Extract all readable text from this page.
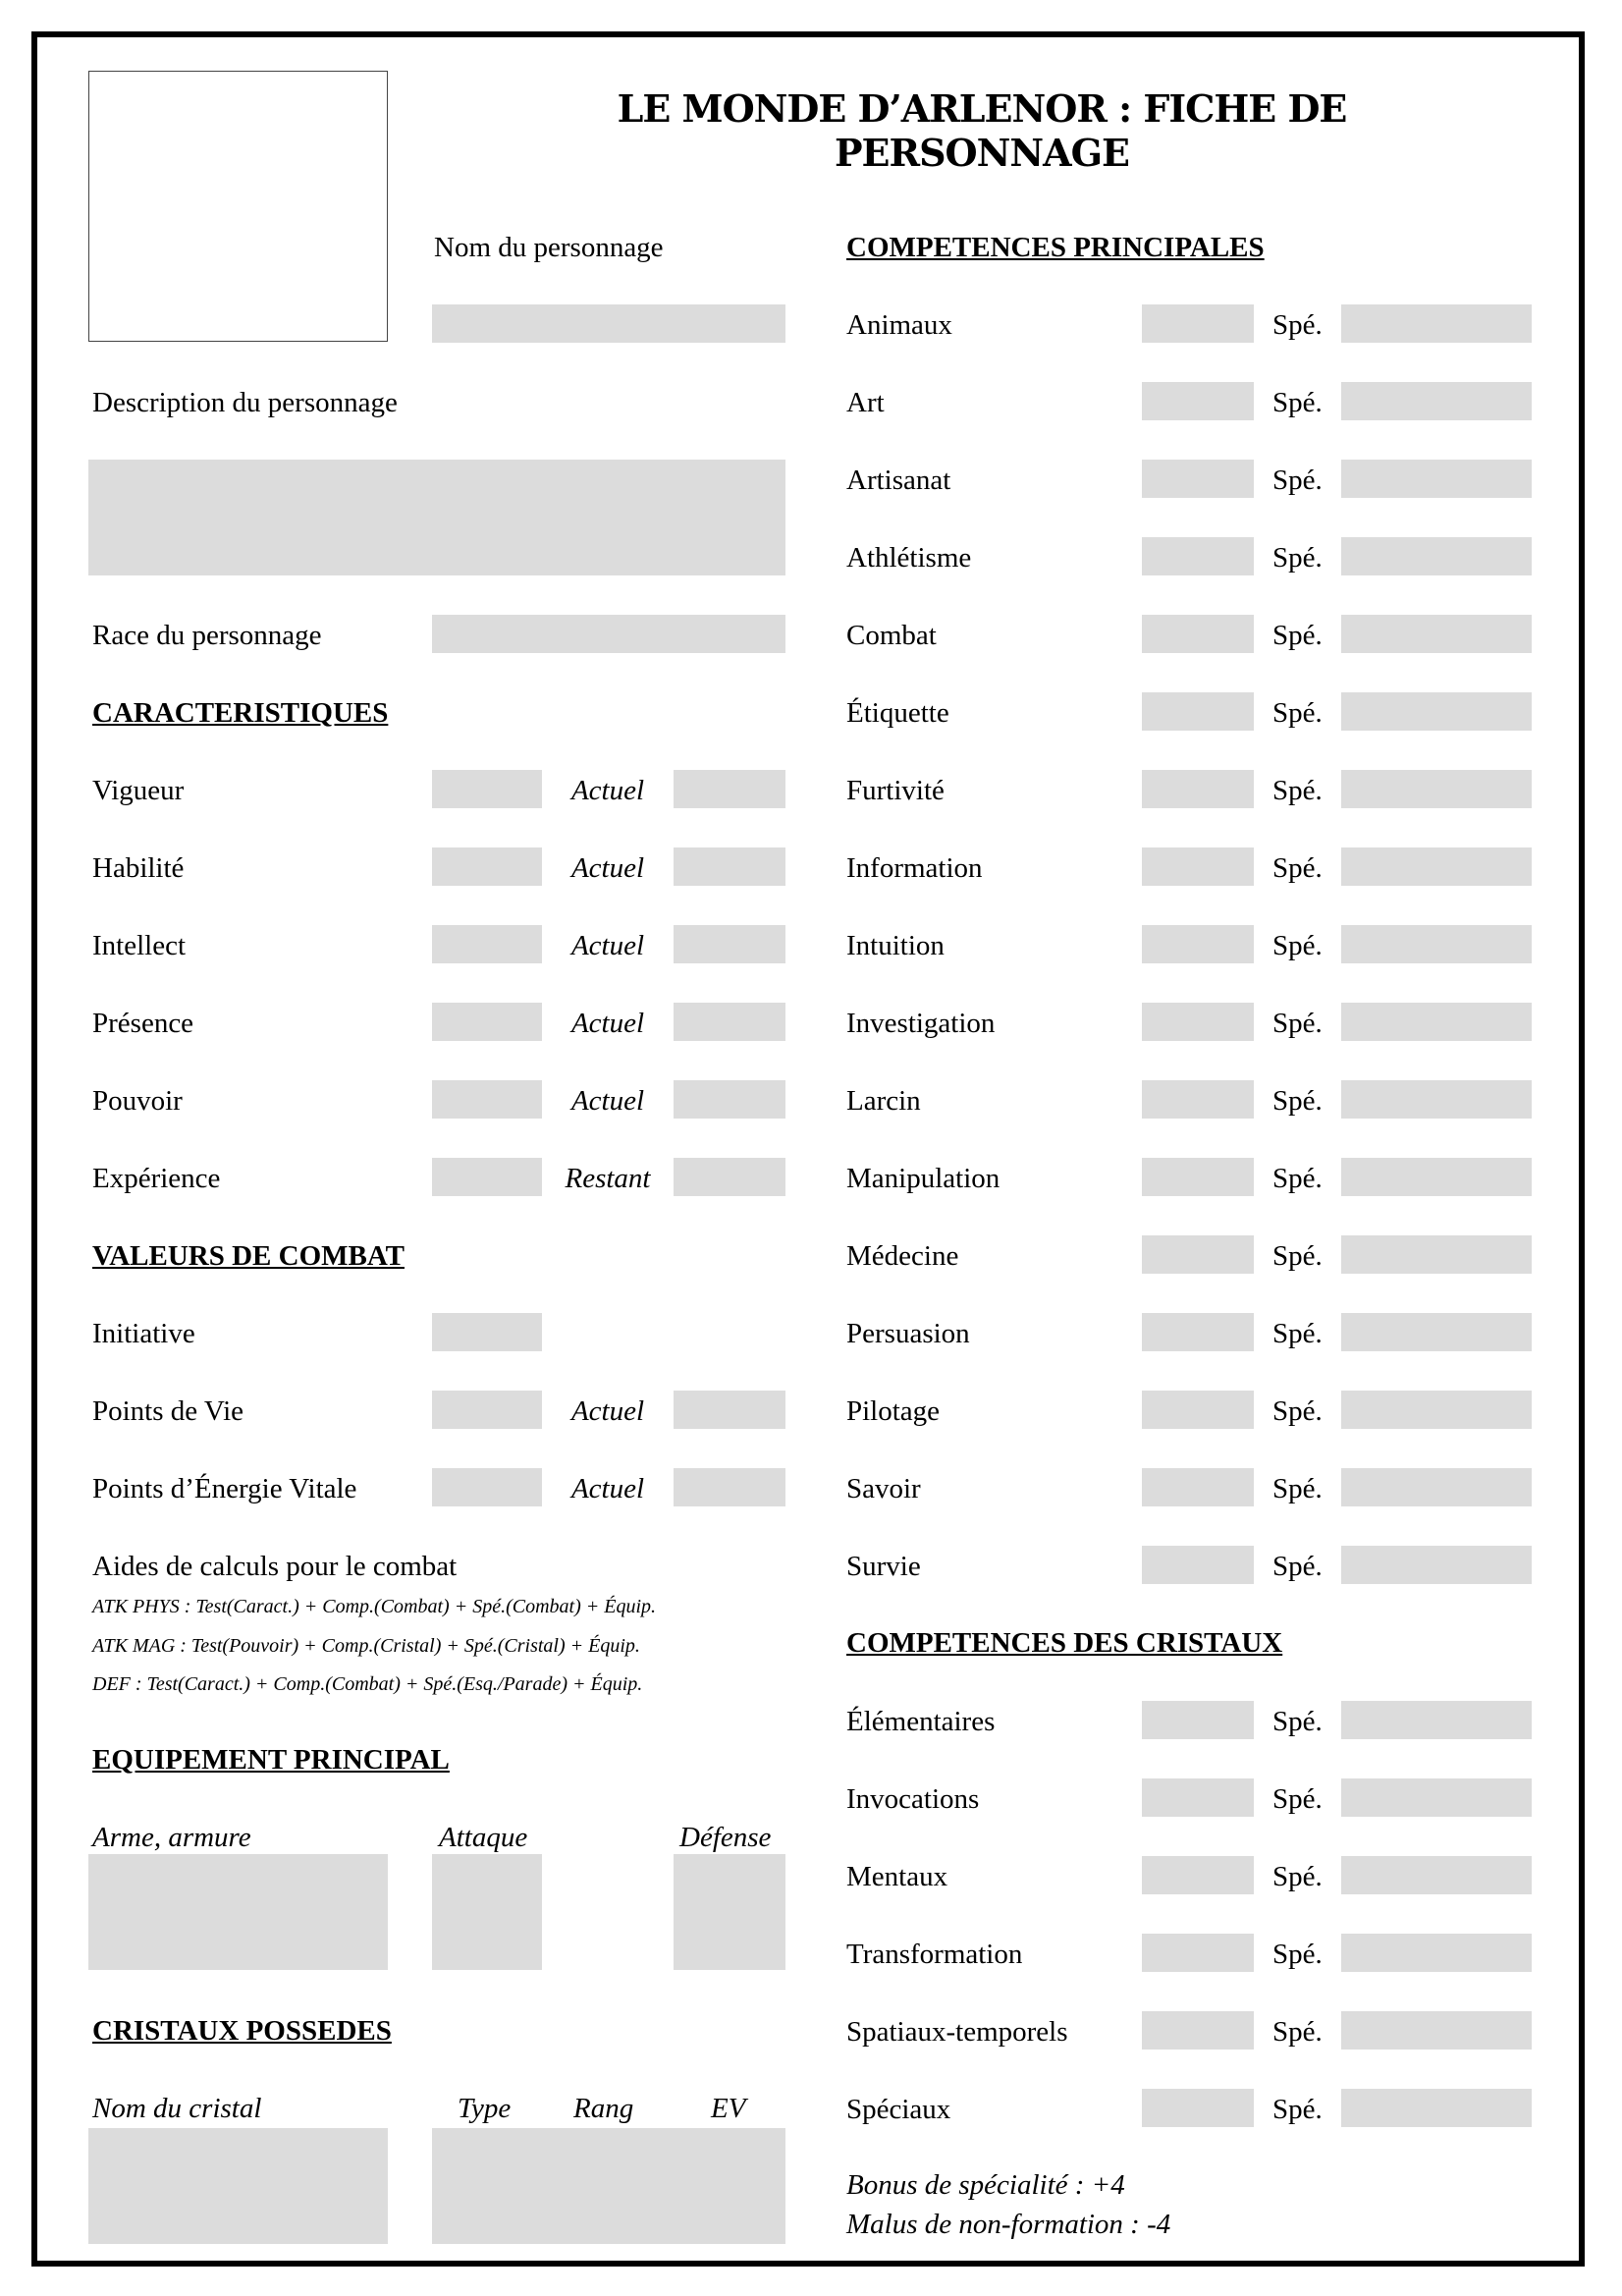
LE MONDE D’ARLENOR : FICHE DE PERSONNAGE
Nom du personnage
Description du personnage
Race du personnage
CARACTERISTIQUES
Vigueur	Actuel
Habilité	Actuel
Intellect	Actuel
Présence	Actuel
Pouvoir	Actuel
Expérience	Restant
VALEURS DE COMBAT
Initiative
Points de Vie	Actuel
Points d’Énergie Vitale	Actuel
Aides de calculs pour le combat
ATK PHYS : Test(Caract.) + Comp.(Combat) + Spé.(Combat) + Équip.
ATK MAG : Test(Pouvoir) + Comp.(Cristal) + Spé.(Cristal) + Équip.
DEF : Test(Caract.) + Comp.(Combat) + Spé.(Esq./Parade) + Équip.
EQUIPEMENT PRINCIPAL
Arme, armure	Attaque	Défense
CRISTAUX POSSEDES
Nom du cristal	Type Rang	EV
COMPETENCES PRINCIPALES
Animaux	Spé.
Art	Spé.
Artisanat	Spé.
Athlétisme	Spé.
Combat	Spé.
Étiquette	Spé.
Furtivité	Spé.
Information	Spé.
Intuition	Spé.
Investigation	Spé.
Larcin	Spé.
Manipulation	Spé.
Médecine	Spé.
Persuasion	Spé.
Pilotage	Spé.
Savoir	Spé.
Survie	Spé.
COMPETENCES DES CRISTAUX
Élémentaires	Spé.
Invocations	Spé.
Mentaux	Spé.
Transformation	Spé.
Spatiaux-temporels	Spé.
Spéciaux	Spé.
Bonus de spécialité : +4
Malus de non-formation : -4
